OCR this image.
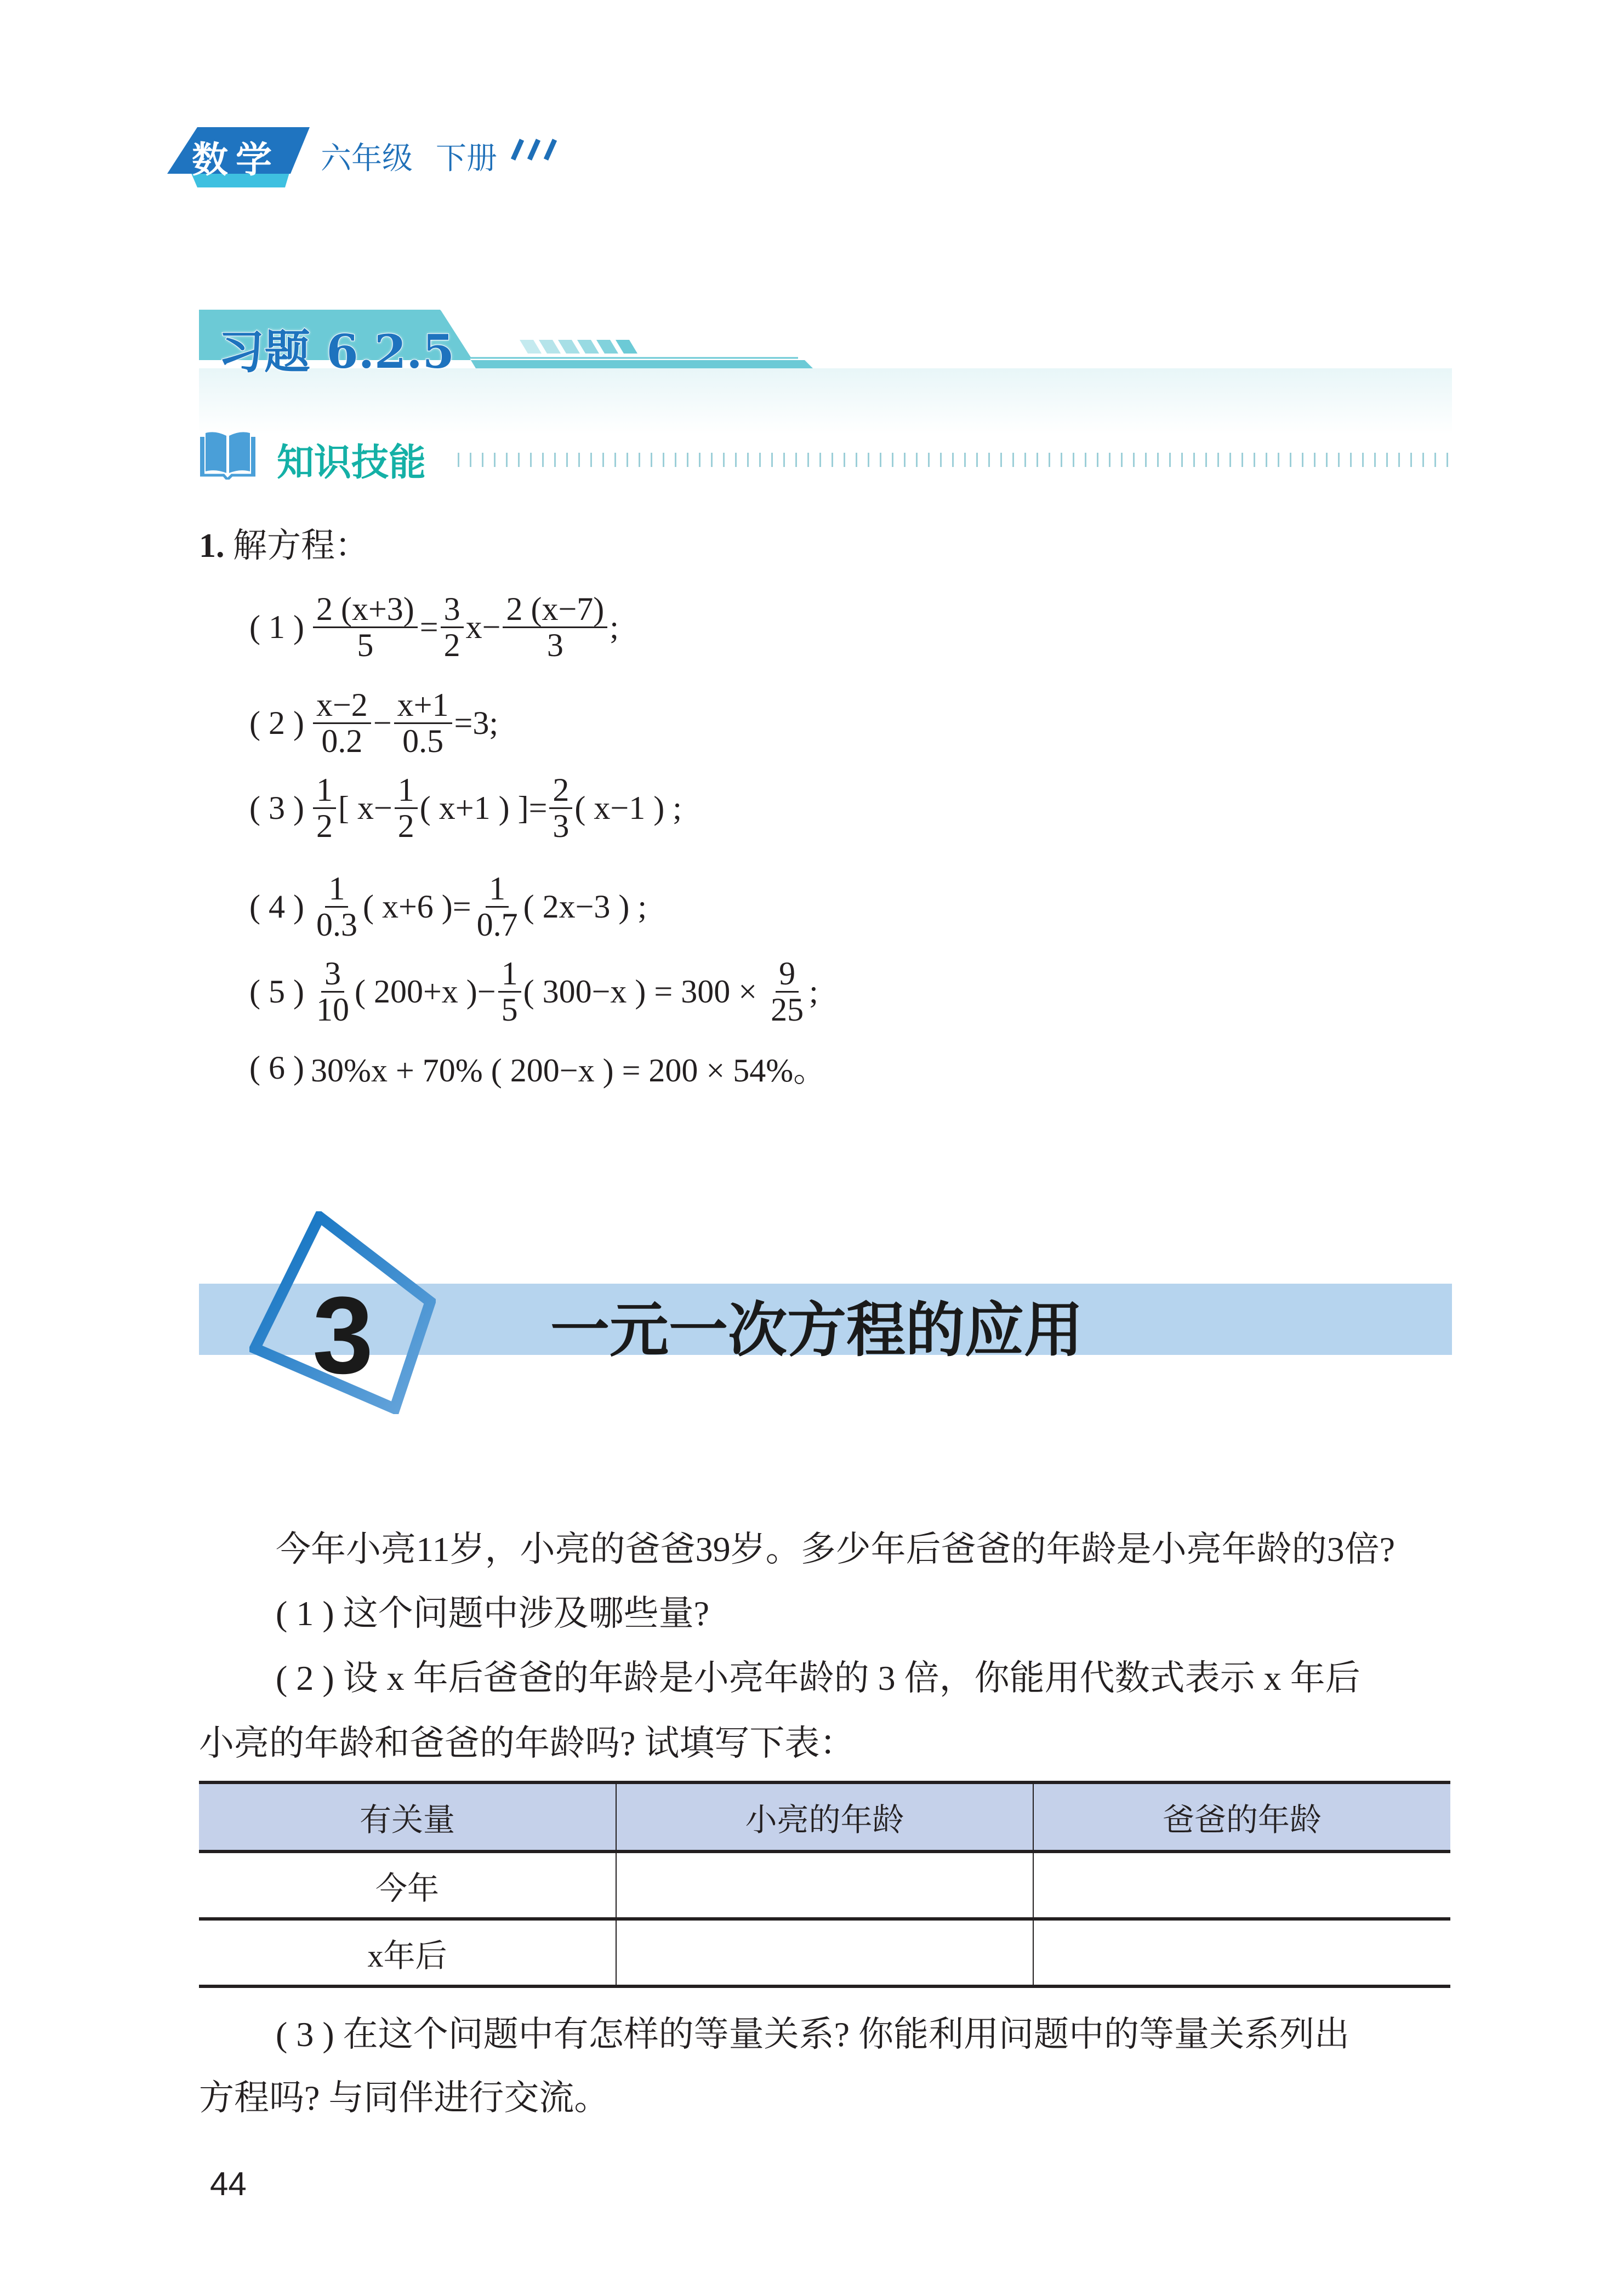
数学 六年级 下册
习题 6.2.5
知识技能
1. 解方程：
( 1 ) $\frac{2 (x+3)}{5} = \frac{3}{2} x- \frac{2 (x-7)}{3}$ ;
( 2 ) $\frac{x-2}{0.2} - \frac{x+1}{0.5} =3$;
( 3 ) $\frac{1}{2}$ [ $x- \frac{1}{2}$ ( x+1 ) ]= $\frac{2}{3}$ ( x−1 ) ;
( 4 ) $\frac{1}{0.3}$ ( x+6 )= $\frac{1}{0.7}$ ( 2x−3 ) ;
( 5 ) $\frac{3}{10}$ ( 200+x )− $\frac{1}{5}$ ( 300−x ) = $300 \times \frac{9}{25}$ ;
( 6 ) 30%x + 70% ( 200−x ) = 200 × 54%。
3	一元一次方程的应用
今年小亮11岁，小亮的爸爸39岁。多少年后爸爸的年龄是小亮年龄的3倍?
( 1 ) 这个问题中涉及哪些量?
( 2 ) 设 x 年后爸爸的年龄是小亮年龄的 3 倍，你能用代数式表示 x 年后
小亮的年龄和爸爸的年龄吗? 试填写下表：
有关量	小亮的年龄	爸爸的年龄
今年		
x年后		
( 3 ) 在这个问题中有怎样的等量关系? 你能利用问题中的等量关系列出
方程吗? 与同伴进行交流。
44
